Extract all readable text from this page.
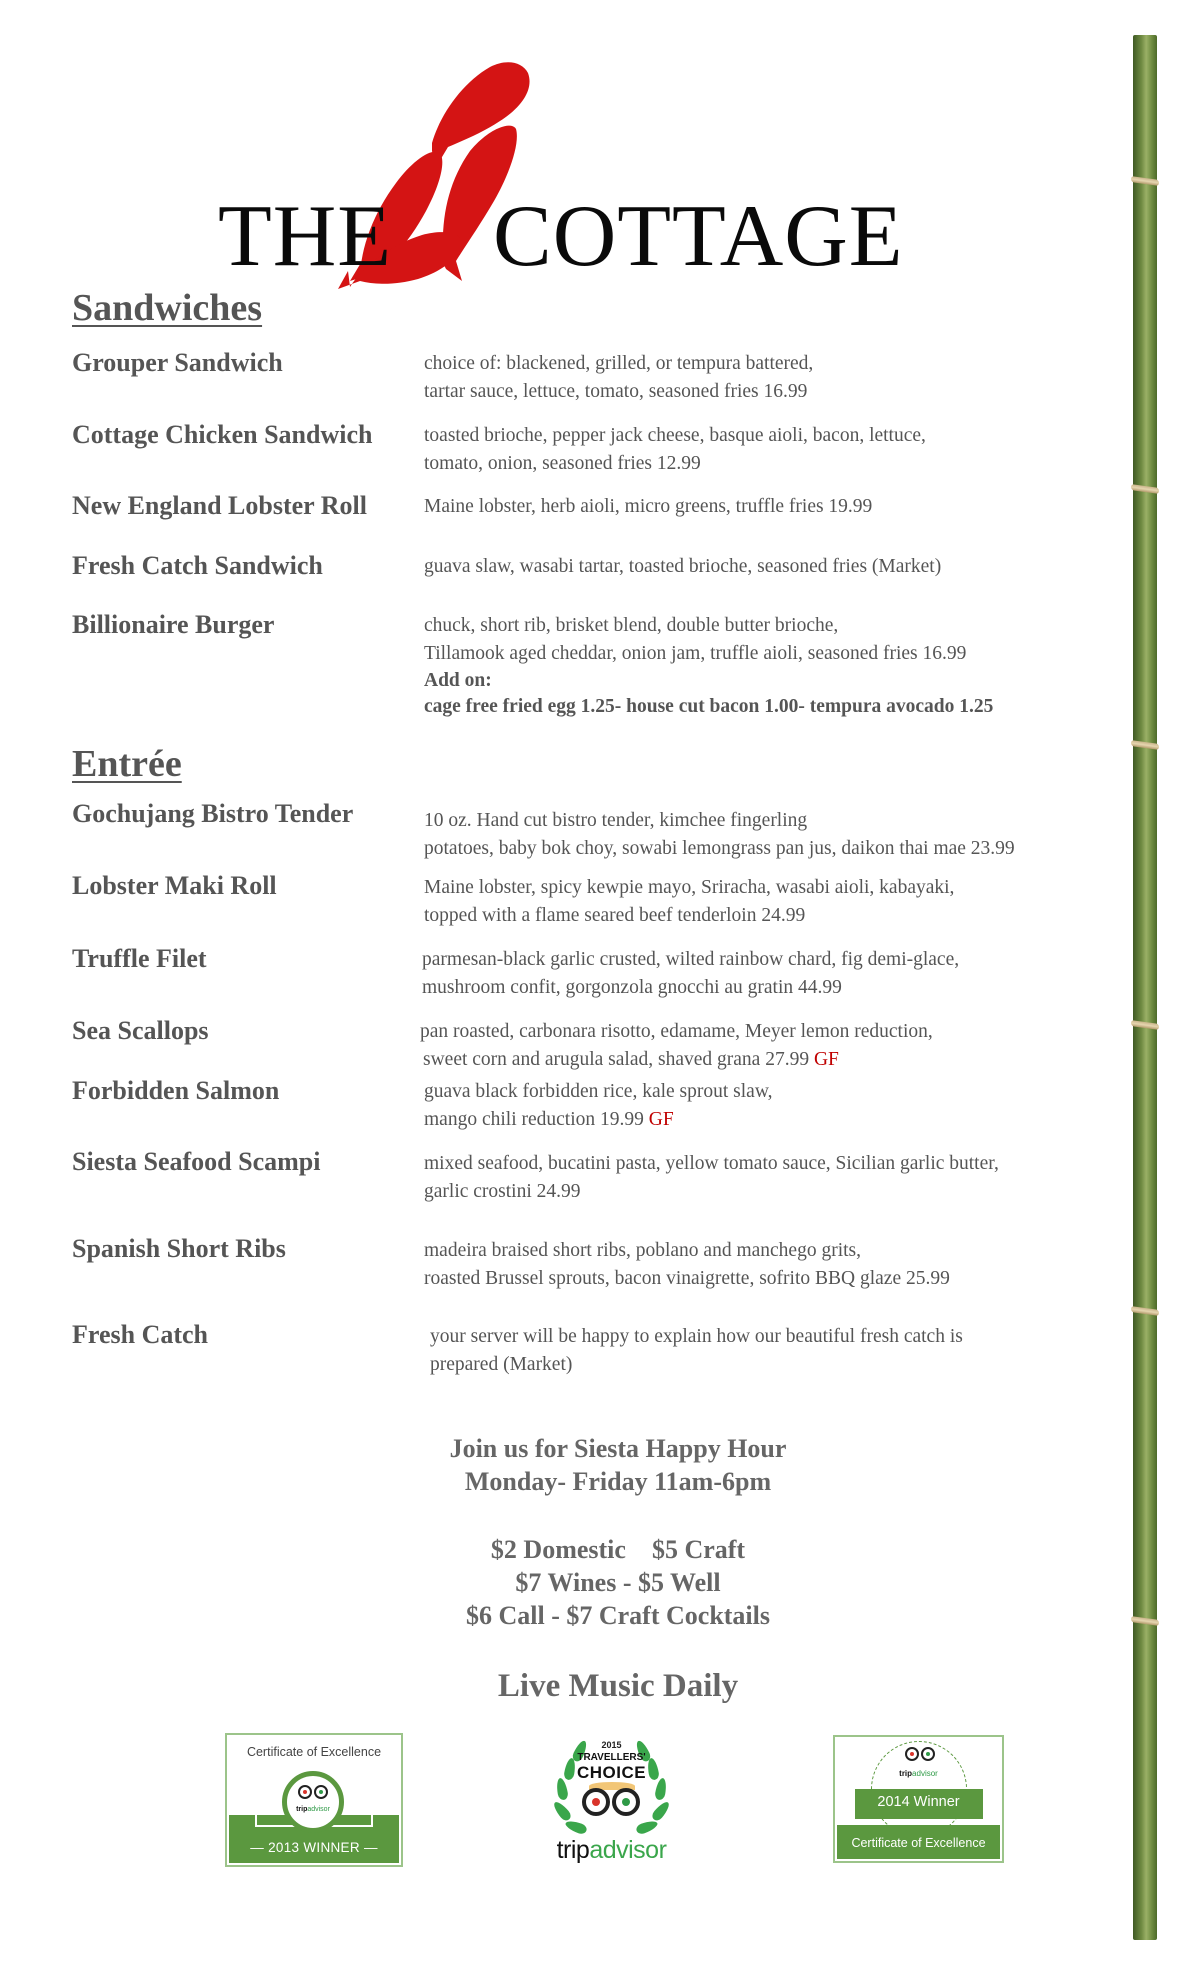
THE COTTAGE
Sandwiches
Grouper Sandwich	choice of: blackened, grilled, or tempura battered,
tartar sauce, lettuce, tomato, seasoned fries 16.99
Cottage Chicken Sandwich	toasted brioche, pepper jack cheese, basque aioli, bacon, lettuce,
tomato, onion, seasoned fries 12.99
New England Lobster Roll	Maine lobster, herb aioli, micro greens, truffle fries 19.99
Fresh Catch Sandwich	guava slaw, wasabi tartar, toasted brioche, seasoned fries (Market)
Billionaire Burger	chuck, short rib, brisket blend, double butter brioche,
Tillamook aged cheddar, onion jam, truffle aioli, seasoned fries 16.99
Add on:
cage free fried egg 1.25- house cut bacon 1.00- tempura avocado 1.25
Entrée
Gochujang Bistro Tender	10 oz. Hand cut bistro tender, kimchee fingerling
potatoes, baby bok choy, sowabi lemongrass pan jus, daikon thai mae 23.99
Lobster Maki Roll	Maine lobster, spicy kewpie mayo, Sriracha, wasabi aioli, kabayaki,
topped with a flame seared beef tenderloin 24.99
Truffle Filet	parmesan-black garlic crusted, wilted rainbow chard, fig demi-glace,
mushroom confit, gorgonzola gnocchi au gratin 44.99
Sea Scallops	pan roasted, carbonara risotto, edamame, Meyer lemon reduction,
sweet corn and arugula salad, shaved grana 27.99 GF
Forbidden Salmon	guava black forbidden rice, kale sprout slaw,
mango chili reduction 19.99 GF
Siesta Seafood Scampi	mixed seafood, bucatini pasta, yellow tomato sauce, Sicilian garlic butter,
garlic crostini 24.99
Spanish Short Ribs	madeira braised short ribs, poblano and manchego grits,
roasted Brussel sprouts, bacon vinaigrette, sofrito BBQ glaze 25.99
Fresh Catch	your server will be happy to explain how our beautiful fresh catch is
prepared (Market)
Join us for Siesta Happy Hour
Monday- Friday 11am-6pm
$2 Domestic $5 Craft
$7 Wines - $5 Well
$6 Call - $7 Craft Cocktails
Live Music Daily
Certificate of Excellence
tripadvisor
— 2013 WINNER —
2015
TRAVELLERS'
CHOICE
tripadvisor
tripadvisor
2014 Winner
Certificate of Excellence
